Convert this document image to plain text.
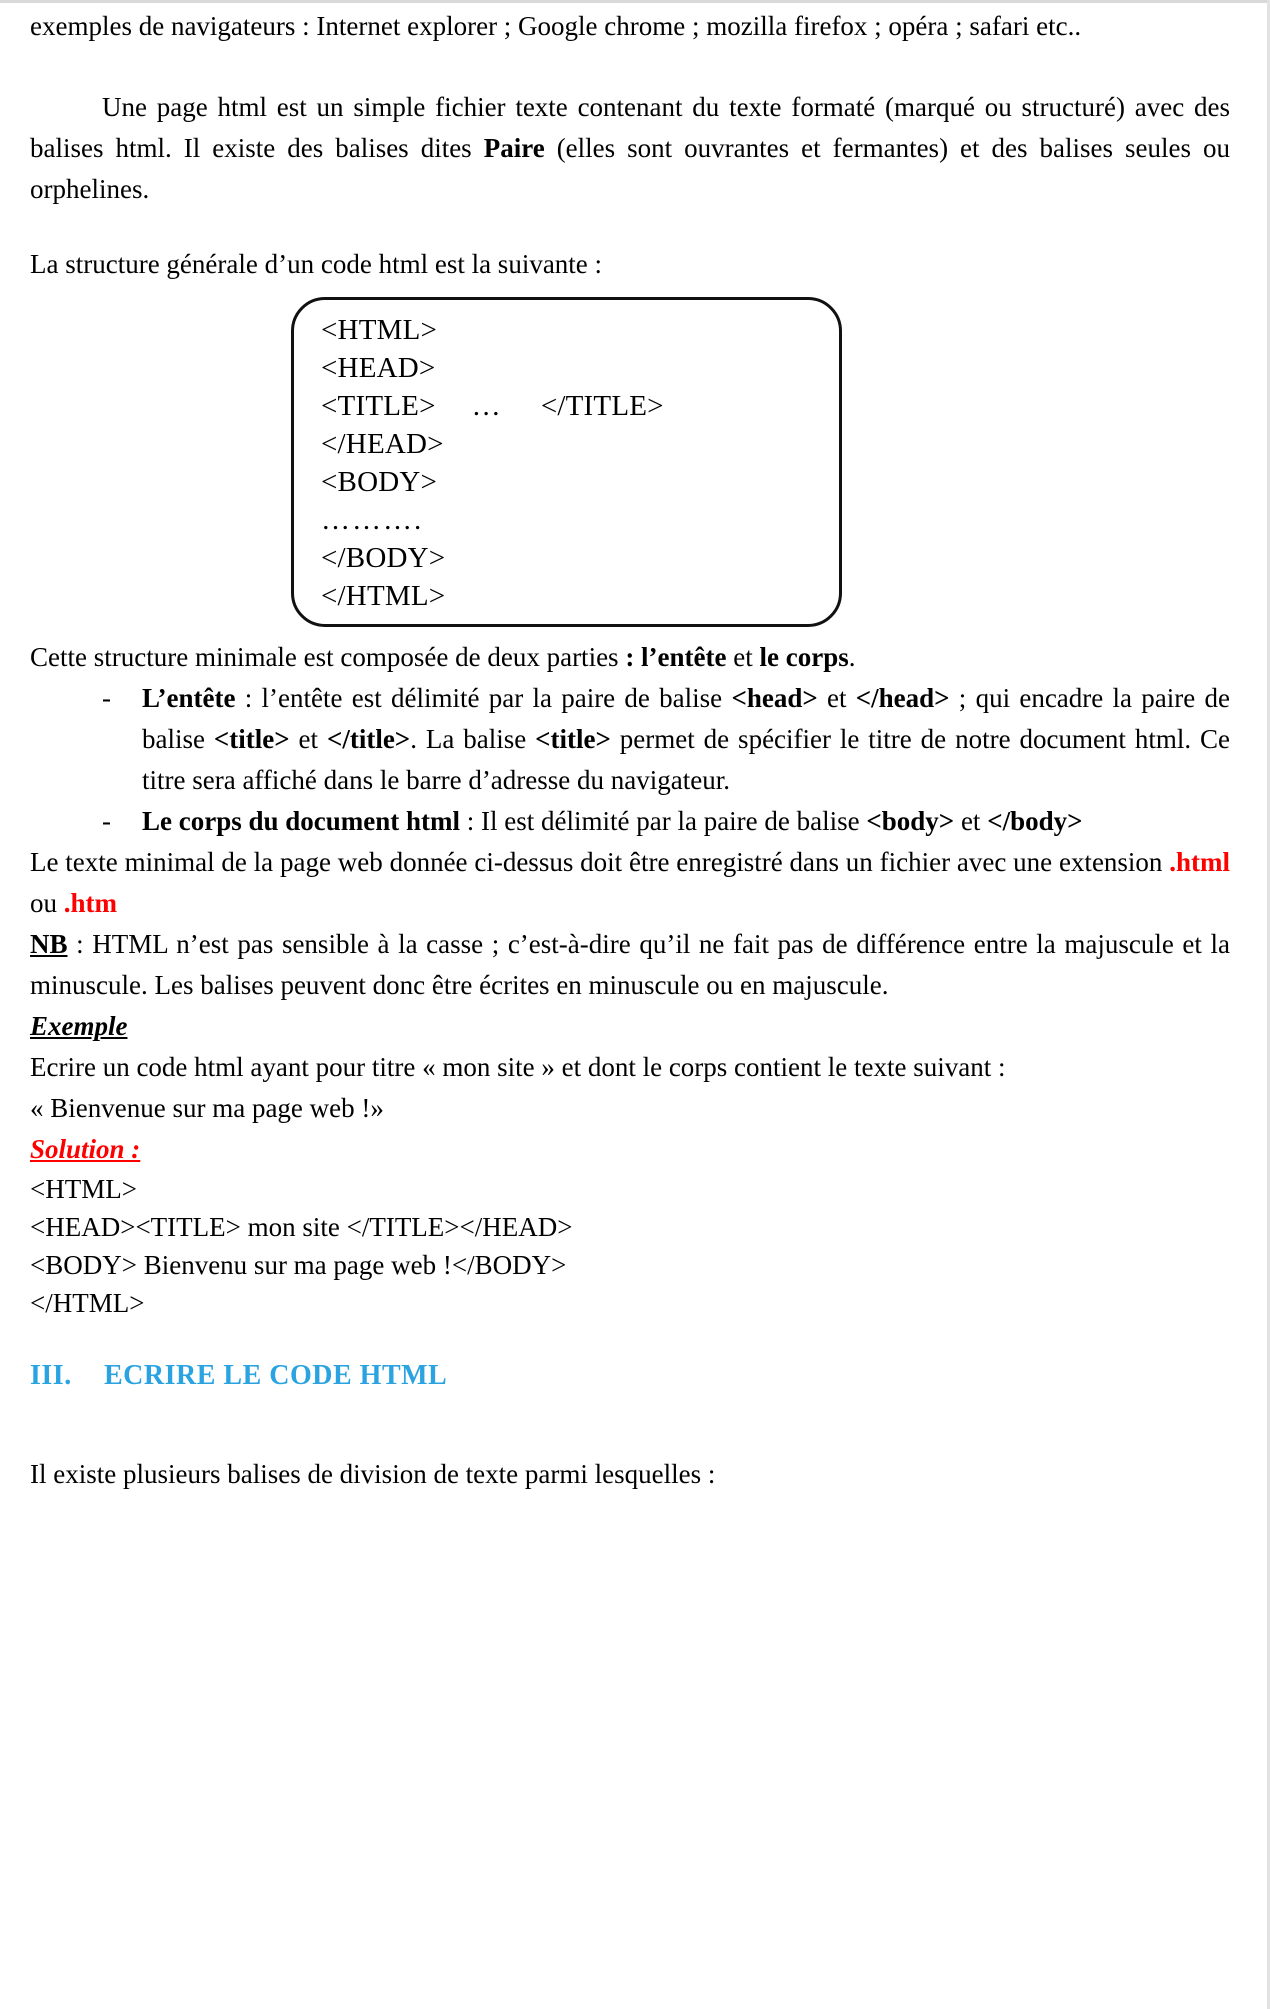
exemples de navigateurs : Internet explorer ; Google chrome ; mozilla firefox ; opéra ; safari etc..

Une page html est un simple fichier texte contenant du texte formaté (marqué ou structuré) avec des balises html. Il existe des balises dites Paire (elles sont ouvrantes et fermantes) et des balises seules ou orphelines.

La structure générale d’un code html est la suivante :

<HTML>
<HEAD>
<TITLE> … </TITLE>
</HEAD>
<BODY>
……….
</BODY>
</HTML>

Cette structure minimale est composée de deux parties : l’entête et le corps.

- L’entête : l’entête est délimité par la paire de balise <head> et </head> ; qui encadre la paire de balise <title> et </title>. La balise <title> permet de spécifier le titre de notre document html. Ce titre sera affiché dans le barre d’adresse du navigateur.
- Le corps du document html : Il est délimité par la paire de balise <body> et </body>

Le texte minimal de la page web donnée ci-dessus doit être enregistré dans un fichier avec une extension .html ou .htm

NB : HTML n’est pas sensible à la casse ; c’est-à-dire qu’il ne fait pas de différence entre la majuscule et la minuscule. Les balises peuvent donc être écrites en minuscule ou en majuscule.

Exemple

Ecrire un code html ayant pour titre « mon site » et dont le corps contient le texte suivant :

« Bienvenue sur ma page web !»

Solution :

<HTML>
<HEAD><TITLE> mon site </TITLE></HEAD>
<BODY> Bienvenu sur ma page web !</BODY>
</HTML>
III. ECRIRE LE CODE HTML

Il existe plusieurs balises de division de texte parmi lesquelles :
